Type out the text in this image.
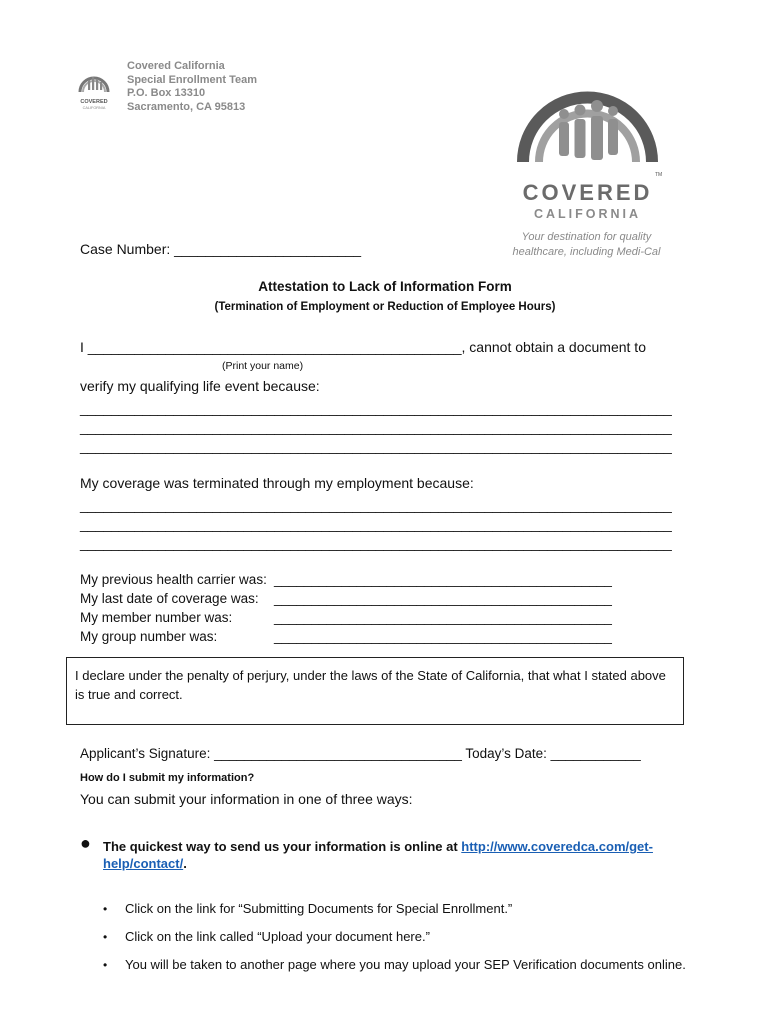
COVERED
CALIFORNIA
Covered California
Special Enrollment Team
P.O. Box 13310
Sacramento, CA 95813
TM
COVERED
CALIFORNIA
Your destination for quality
healthcare, including Medi-Cal
Case Number: ________________________
Attestation to Lack of Information Form
(Termination of Employment or Reduction of Employee Hours)
I ________________________________________________, cannot obtain a document to
(Print your name)
verify my qualifying life event because:
____________________________________________________________________________
____________________________________________________________________________
____________________________________________________________________________
My coverage was terminated through my employment because:
____________________________________________________________________________
____________________________________________________________________________
____________________________________________________________________________
My previous health carrier was: _____________________________________________
My last date of coverage was: _____________________________________________
My member number was:	_____________________________________________
My group number was:	_____________________________________________
I declare under the penalty of perjury, under the laws of the State of California, that what I stated above is true and correct.
Applicant’s Signature: _________________________________ Today’s Date: ____________
How do I submit my information?
You can submit your information in one of three ways:
● The quickest way to send us your information is online at http://www.coveredca.com/get-help/contact/.
• Click on the link for “Submitting Documents for Special Enrollment.”
• Click on the link called “Upload your document here.”
• You will be taken to another page where you may upload your SEP Verification documents online.
